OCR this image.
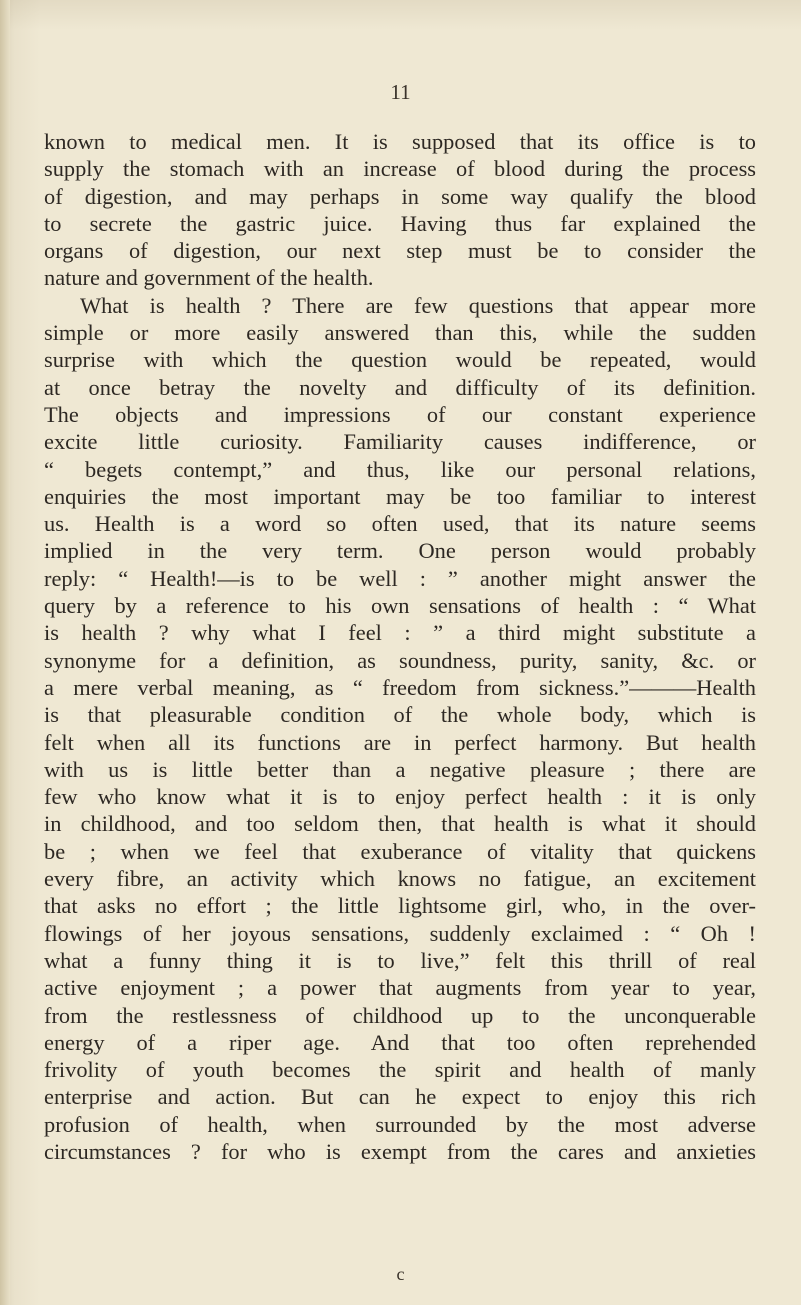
11
known to medical men. It is supposed that its office is to
supply the stomach with an increase of blood during the process
of digestion, and may perhaps in some way qualify the blood
to secrete the gastric juice. Having thus far explained the
organs of digestion, our next step must be to consider the
nature and government of the health.
What is health ? There are few questions that appear more
simple or more easily answered than this, while the sudden
surprise with which the question would be repeated, would
at once betray the novelty and difficulty of its definition.
The objects and impressions of our constant experience
excite little curiosity. Familiarity causes indifference, or
“ begets contempt,” and thus, like our personal relations,
enquiries the most important may be too familiar to interest
us. Health is a word so often used, that its nature seems
implied in the very term. One person would probably
reply: “ Health!—is to be well : ” another might answer the
query by a reference to his own sensations of health : “ What
is health ? why what I feel : ” a third might substitute a
synonyme for a definition, as soundness, purity, sanity, &c. or
a mere verbal meaning, as “ freedom from sickness.”———Health
is that pleasurable condition of the whole body, which is
felt when all its functions are in perfect harmony. But health
with us is little better than a negative pleasure ; there are
few who know what it is to enjoy perfect health : it is only
in childhood, and too seldom then, that health is what it should
be ; when we feel that exuberance of vitality that quickens
every fibre, an activity which knows no fatigue, an excitement
that asks no effort ; the little lightsome girl, who, in the over-
flowings of her joyous sensations, suddenly exclaimed : “ Oh !
what a funny thing it is to live,” felt this thrill of real
active enjoyment ; a power that augments from year to year,
from the restlessness of childhood up to the unconquerable
energy of a riper age. And that too often reprehended
frivolity of youth becomes the spirit and health of manly
enterprise and action. But can he expect to enjoy this rich
profusion of health, when surrounded by the most adverse
circumstances ? for who is exempt from the cares and anxieties
c
